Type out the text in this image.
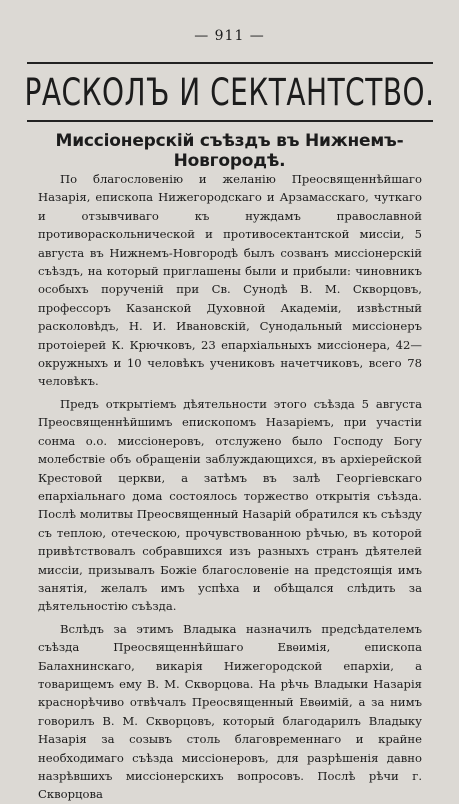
— 911 —
РАСКОЛЪ И СЕКТАНТСТВО.
Миссіонерскій съѣздъ въ Нижнемъ-Новгородѣ.

По благословенію и желанію Преосвященнѣйшаго Назарія, епископа Нижегородскаго и Арзамасскаго, чуткаго и отзывчиваго къ нуждамъ православной противораскольнической и противосектантской миссіи, 5 августа въ Нижнемъ-Новгородѣ былъ созванъ миссіонерскій съѣздъ, на который приглашены были и прибыли: чиновникъ особыхъ порученій при Св. Сунодѣ В. М. Скворцовъ, профессоръ Казанской Духовной Академіи, извѣстный расколовѣдъ, Н. И. Ивановскій, Сунодальный миссіонеръ протоіерей К. Крючковъ, 23 епархіальныхъ миссіонера, 42—окружныхъ и 10 человѣкъ учениковъ начетчиковъ, всего 78 человѣкъ.

Предъ открытіемъ дѣятельности этого съѣзда 5 августа Преосвященнѣйшимъ епископомъ Назаріемъ, при участіи сонма о.о. миссіонеровъ, отслужено было Господу Богу молебствіе объ обращеніи заблуждающихся, въ архіерейской Крестовой церкви, а затѣмъ въ залѣ Георгіевскаго епархіальнаго дома состоялось торжество открытія съѣзда. Послѣ молитвы Преосвященный Назарій обратился къ съѣзду съ теплою, отеческою, прочувствованною рѣчью, въ которой привѣтствовалъ собравшихся изъ разныхъ странъ дѣятелей миссіи, призывалъ Божіе благословеніе на предстоящія имъ занятія, желалъ имъ успѣха и обѣщался слѣдить за дѣятельностію съѣзда.

Вслѣдъ за этимъ Владыка назначилъ предсѣдателемъ съѣзда Преосвященнѣйшаго Евѳимія, епископа Балахнинскаго, викарія Нижегородской епархіи, а товарищемъ ему В. М. Скворцова. На рѣчь Владыки Назарія краснорѣчиво отвѣчалъ Преосвященный Евѳимій, а за нимъ говорилъ В. М. Скворцовъ, который благодарилъ Владыку Назарія за созывъ столь благовременнаго и крайне необходимаго съѣзда миссіонеровъ, для разрѣшенія давно назрѣвшихъ миссіонерскихъ вопросовъ. Послѣ рѣчи г. Скворцова
